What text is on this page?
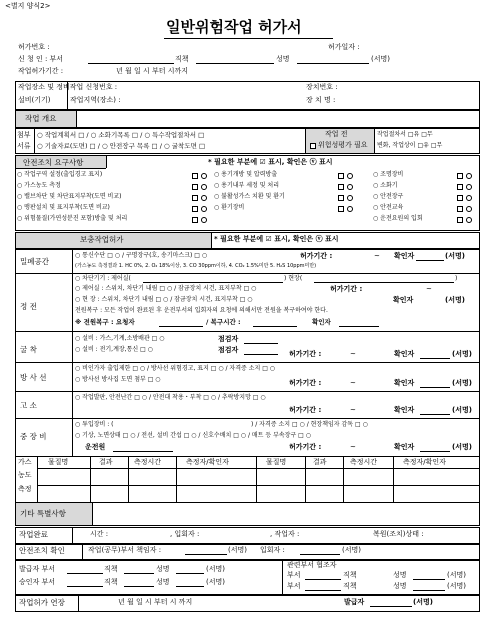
<별지 양식2>
일반위험작업 허가서
허가번호 :	허가일자 :
신 청 인 : 부서	직책	성명	(서명)
작업허가기간 :	년 월 일 시 부터 시까지
작업장소 및 정비작업 신청번호 :	장치번호 :
설비(기기)	작업지역(장소) :	장 치 명 :
작업 개요
첨부
서류
○ 작업계획서 □ / ○ 소화기목록 □ / ○ 특수작업절차서 □
○ 기술자료(도면) □ / ○ 안전장구 목록 □ / ○ 굴착도면 □
작업 전
위험성평가 필요
작업절차서 □유 □무
변화, 작업상이 □유 □무
안전조치 요구사항	* 필요한 부분에 ☑ 표시, 확인은 ⓥ 표시
○ 작업구역 설정(출입경고 표지)
○ 가스농도 측정
○ 밸브차단 및 차단표지부착(도면 비교)
○ 맹판설치 및 표지부착(도면 비교)
○ 위험물질(가연성분진 포함)방출 및 처리
○ 용기개방 및 압력방출
○ 용기내부 세정 및 처리
○ 불활성가스 치환 및 환기
○ 환기장비
○ 조명장비
○ 소화기
○ 안전장구
○ 안전교육
○ 운전요원의 입회
보충작업허가	* 필요한 부분에 ☑ 표시, 확인은 ⓥ 표시
밀폐공간
○ 통신수단 □ ○ / 구명장구(호, 송기마스크) □ ○	허가기간 :	~ 확인자	(서명)
(가스농도 측정결과 1. HC 0%, 2. O₂ 18%이상, 3. CO 30ppm이하, 4. CO₂ 1.5%미만 5. H₂S 10ppm미만)
정 전
○ 차단기기 : 제어실(	) 현장(	)
○ 제어실 : 스위치, 차단기 내림 □ ○ / 잠금장치 시건, 표지부착 □ ○	허가기간 :	~
○ 현 장 : 스위치, 차단기 내림 □ ○ / 잠금장치 시건, 표지부착 □ ○	확인자	(서명)
전원복구 : 모든 작업이 완료된 후 운전부서의 입회자의 요청에 의해서만 전원을 복구하여야 한다.
※ 전원복구 : 요청자	/ 복구시간 :	확인자
굴 착
○ 설비 : 가스,기계,소방배관 □ ○	점검자
○ 설비 : 전기,계장,통신 □ ○	점검자	허가기간 :	~	확인자	(서명)
방 사 선
○ 비인가자 출입제한 □ ○ / 방사선 위험경고, 표지 □ ○ / 자격증 소지 □ ○
○ 방사선 방사집 도면 첨부 □ ○	허가기간 :	~	확인자	(서명)
고 소
○ 작업발판, 안전난간 □ ○ / 안전대 착용・부착 □ ○ / 추락방지망 □ ○
허가기간 :	~	확인자	(서명)
중 장 비
○ 투입장비 : (	) / 자격증 소지 □ ○ / 현장책임자 감독 □ ○
○ 기상, 노면상태 □ ○ / 전선, 설비 간섭 □ ○ / 신호수배치 □ ○ / 매트 등 부속장구 □ ○
운전원	허가기간 :	~	확인자	(서명)
가스
농도
측정
물질명	결과	측정시간	측정자/확인자	물질명	결과	측정시간	측정자/확인자
기타 특별사항
작업완료	시간 :	, 입회자 :	, 작업자 :	복원(조치)상태 :
안전조치 확인	작업(공무)부서 책임자 :	(서명) 입회자 :	(서명)
발급자 부서	직책	성명	(서명)
승인자 부서	직책	성명	(서명)
관련부서 협조자
부서	직책	성명	(서명)
부서	직책	성명	(서명)
작업허가 연장	년 월 일 시 부터 시 까지	발급자	(서명)
